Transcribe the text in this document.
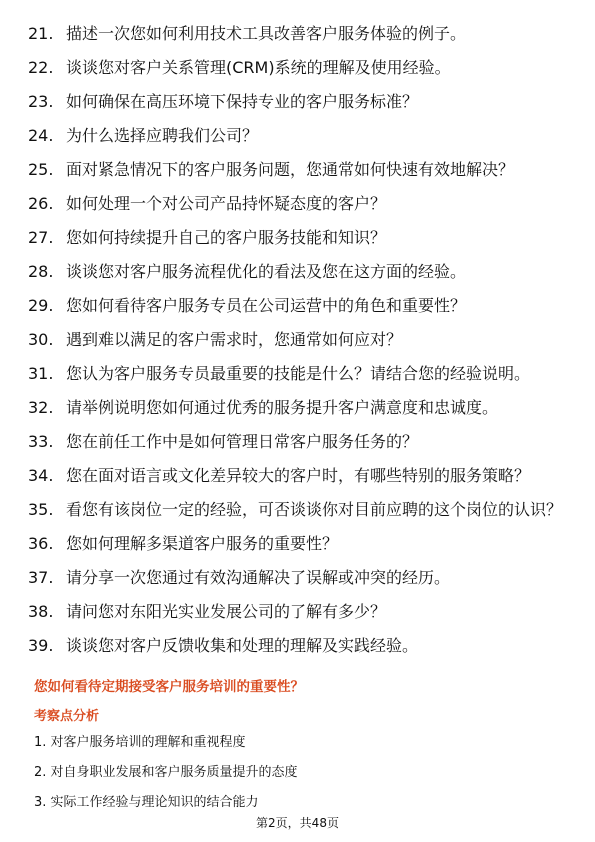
21. 描述一次您如何利用技术工具改善客户服务体验的例子。
22. 谈谈您对客户关系管理(CRM)系统的理解及使用经验。
23. 如何确保在高压环境下保持专业的客户服务标准？
24. 为什么选择应聘我们公司？
25. 面对紧急情况下的客户服务问题，您通常如何快速有效地解决？
26. 如何处理一个对公司产品持怀疑态度的客户？
27. 您如何持续提升自己的客户服务技能和知识？
28. 谈谈您对客户服务流程优化的看法及您在这方面的经验。
29. 您如何看待客户服务专员在公司运营中的角色和重要性？
30. 遇到难以满足的客户需求时，您通常如何应对？
31. 您认为客户服务专员最重要的技能是什么？请结合您的经验说明。
32. 请举例说明您如何通过优秀的服务提升客户满意度和忠诚度。
33. 您在前任工作中是如何管理日常客户服务任务的？
34. 您在面对语言或文化差异较大的客户时，有哪些特别的服务策略？
35. 看您有该岗位一定的经验，可否谈谈你对目前应聘的这个岗位的认识？
36. 您如何理解多渠道客户服务的重要性？
37. 请分享一次您通过有效沟通解决了误解或冲突的经历。
38. 请问您对东阳光实业发展公司的了解有多少？
39. 谈谈您对客户反馈收集和处理的理解及实践经验。
您如何看待定期接受客户服务培训的重要性？
考察点分析
1. 对客户服务培训的理解和重视程度
2. 对自身职业发展和客户服务质量提升的态度
3. 实际工作经验与理论知识的结合能力
第2页，共48页
